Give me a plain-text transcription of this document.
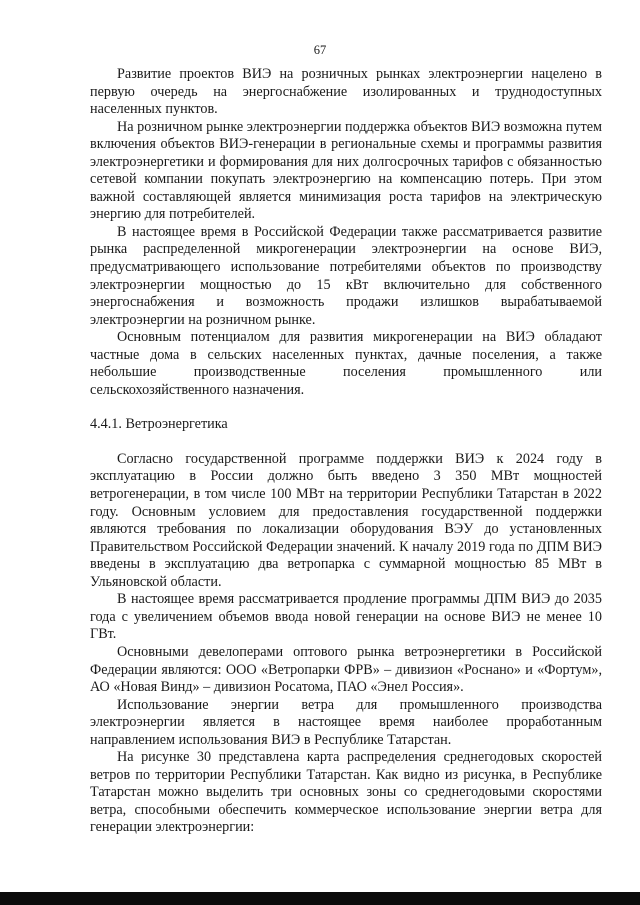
67

Развитие проектов ВИЭ на розничных рынках электроэнергии нацелено в первую очередь на энергоснабжение изолированных и труднодоступных населенных пунктов.

На розничном рынке электроэнергии поддержка объектов ВИЭ возможна путем включения объектов ВИЭ-генерации в региональные схемы и программы развития электроэнергетики и формирования для них долгосрочных тарифов с обязанностью сетевой компании покупать электроэнергию на компенсацию потерь. При этом важной составляющей является минимизация роста тарифов на электрическую энергию для потребителей.

В настоящее время в Российской Федерации также рассматривается развитие рынка распределенной микрогенерации электроэнергии на основе ВИЭ, предусматривающего использование потребителями объектов по производству электроэнергии мощностью до 15 кВт включительно для собственного энергоснабжения и возможность продажи излишков вырабатываемой электроэнергии на розничном рынке.

Основным потенциалом для развития микрогенерации на ВИЭ обладают частные дома в сельских населенных пунктах, дачные поселения, а также небольшие производственные поселения промышленного или сельскохозяйственного назначения.

4.4.1. Ветроэнергетика

Согласно государственной программе поддержки ВИЭ к 2024 году в эксплуатацию в России должно быть введено 3 350 МВт мощностей ветрогенерации, в том числе 100 МВт на территории Республики Татарстан в 2022 году. Основным условием для предоставления государственной поддержки являются требования по локализации оборудования ВЭУ до установленных Правительством Российской Федерации значений. К началу 2019 года по ДПМ ВИЭ введены в эксплуатацию два ветропарка с суммарной мощностью 85 МВт в Ульяновской области.

В настоящее время рассматривается продление программы ДПМ ВИЭ до 2035 года с увеличением объемов ввода новой генерации на основе ВИЭ не менее 10 ГВт.

Основными девелоперами оптового рынка ветроэнергетики в Российской Федерации являются: ООО «Ветропарки ФРВ» – дивизион «Роснано» и «Фортум», АО «Новая Винд» – дивизион Росатома, ПАО «Энел Россия».

Использование энергии ветра для промышленного производства электроэнергии является в настоящее время наиболее проработанным направлением использования ВИЭ в Республике Татарстан.

На рисунке 30 представлена карта распределения среднегодовых скоростей ветров по территории Республики Татарстан. Как видно из рисунка, в Республике Татарстан можно выделить три основных зоны со среднегодовыми скоростями ветра, способными обеспечить коммерческое использование энергии ветра для генерации электроэнергии:
